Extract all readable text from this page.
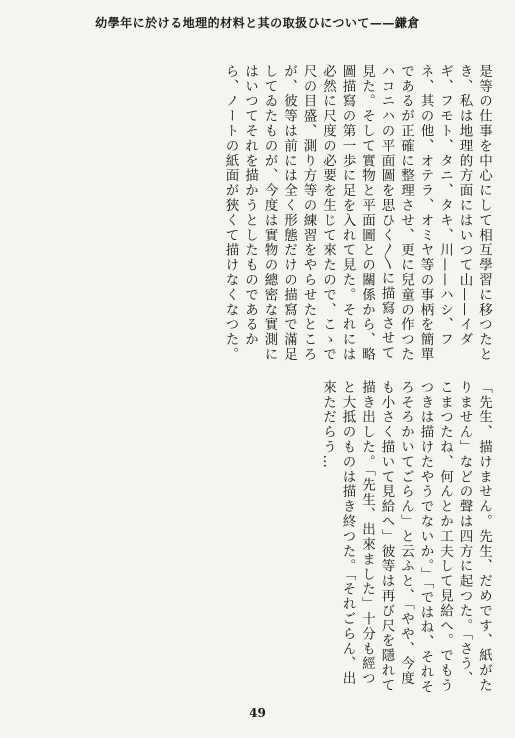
幼學年に於ける地理的材料と其の取扱ひについて——鎌倉
是等の仕事を中心にして相互學習に移つたとき、私は地理的方面にはいつて山——イダギ、フモト、タニ、タキ、川——ハシ、フネ、其の他、オテラ、オミヤ等の事柄を簡單であるが正確に整理させ、更に兒童の作つたハコニハの平面圖を思ひく〳〵に描寫させて見た。そして實物と平面圖との關係から、略圖描寫の第一歩に足を入れて見た。それには必然に尺度の必要を生じて來たので、こゝで尺の目盛、測り方等の練習をやらせたところが、彼等は前には全く形態だけの描寫で滿足してゐたものが、今度は實物の總密な實測にはいつてそれを描かうとしたものであるから、ノートの紙面が狹くて描けなくなつた。
「先生、描けません。先生、だめです、紙がたりません」などの聲は四方に起つた。「さう、こまつたね、何んとか工夫して見給へ。でもうつきは描けたやうでないか。」「ではね、それそろそろかいてごらん」と云ふと、「やや、今度も小さく描いて見給へ」彼等は再び尺を隱れて描き出した。「先生、出來ました」十分も經つと大抵のものは描き終つた。「それごらん、出來ただらう…
49
